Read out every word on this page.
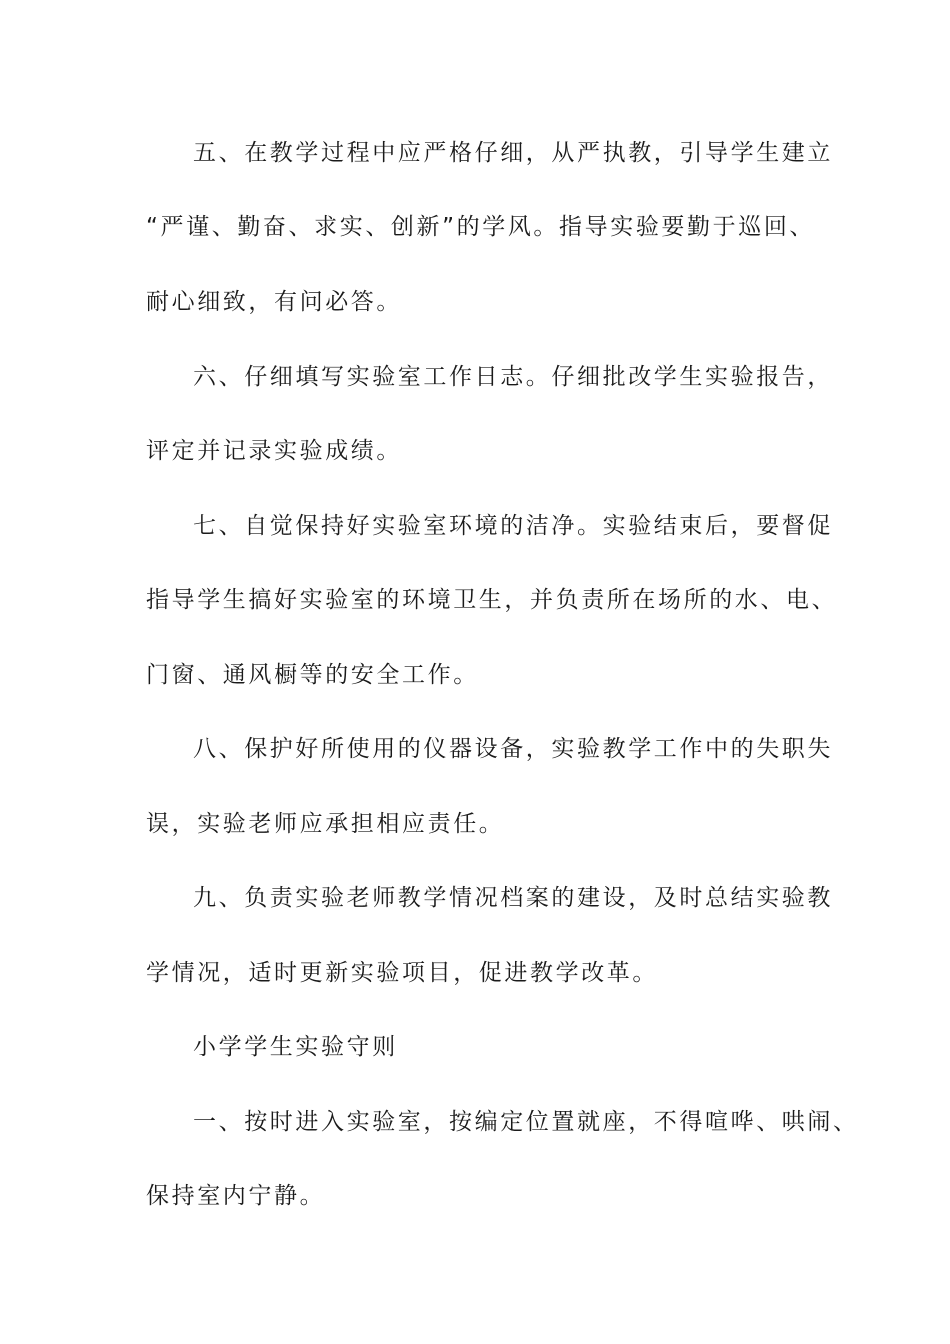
五、在教学过程中应严格仔细，从严执教，引导学生建立
“严谨、勤奋、求实、创新”的学风。指导实验要勤于巡回、
耐心细致，有问必答。
六、仔细填写实验室工作日志。仔细批改学生实验报告，
评定并记录实验成绩。
七、自觉保持好实验室环境的洁净。实验结束后，要督促
指导学生搞好实验室的环境卫生，并负责所在场所的水、电、
门窗、通风橱等的安全工作。
八、保护好所使用的仪器设备，实验教学工作中的失职失
误，实验老师应承担相应责任。
九、负责实验老师教学情况档案的建设，及时总结实验教
学情况，适时更新实验项目，促进教学改革。
小学学生实验守则
一、按时进入实验室，按编定位置就座，不得喧哗、哄闹、
保持室内宁静。
